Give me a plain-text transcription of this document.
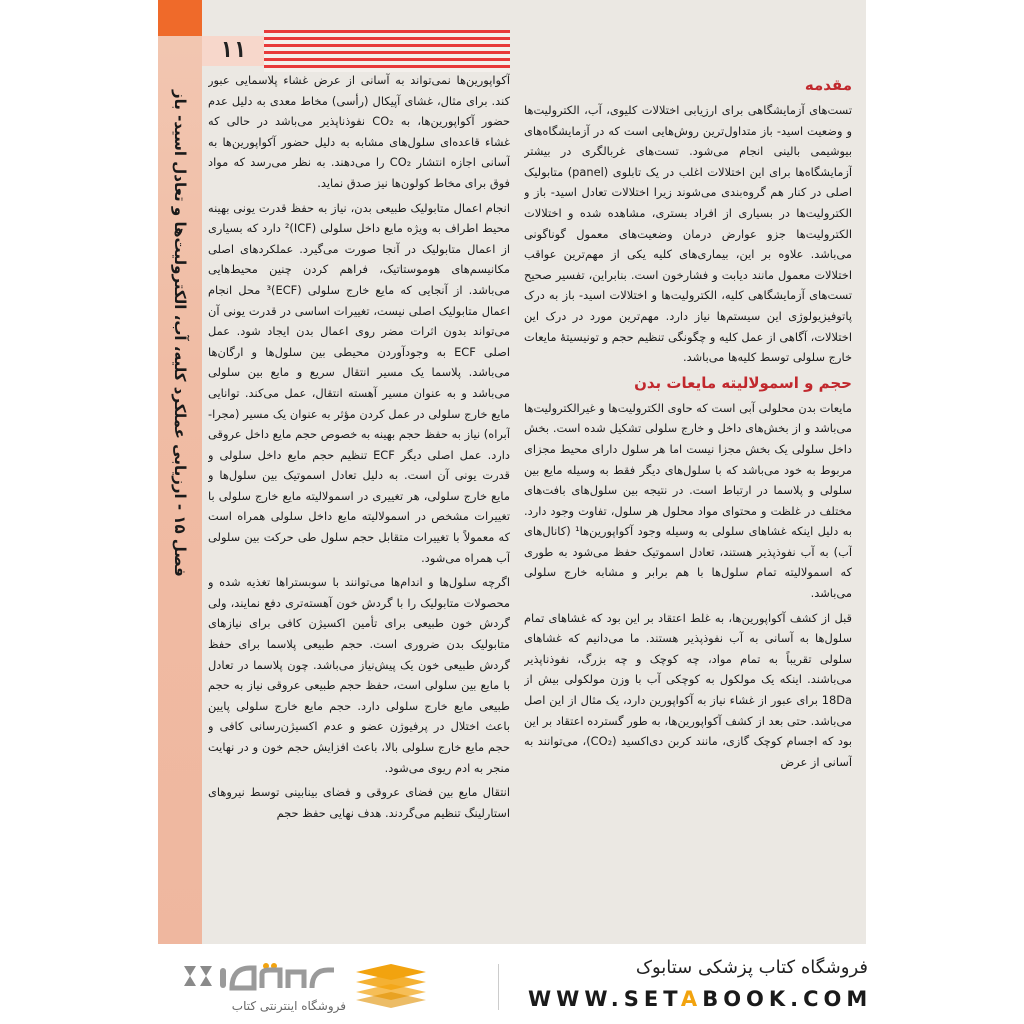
۱۱
فصل ۱۵ - ارزیابی عملکرد کلیه، آب، الکترولیت‌ها و تعادل اسید- باز

آکواپورین‌ها نمی‌تواند به آسانی از عرض غشاء پلاسمایی عبور کند. برای مثال، غشای آپیکال (رأسی) مخاط معدی به دلیل عدم حضور آکواپورین‌ها، به CO₂ نفوذناپذیر می‌باشد در حالی که غشاء قاعده‌ای سلول‌های مشابه به دلیل حضور آکواپورین‌ها به آسانی اجازه انتشار CO₂ را می‌دهند. به نظر می‌رسد که مواد فوق برای مخاط کولون‌ها نیز صدق نماید.

انجام اعمال متابولیک طبیعی بدن، نیاز به حفظ قدرت یونی بهینه محیط اطراف به ویژه مایع داخل سلولی (ICF)² دارد که بسیاری از اعمال متابولیک در آنجا صورت می‌گیرد. عملکردهای اصلی مکانیسم‌های هوموستاتیک، فراهم کردن چنین محیط‌هایی می‌باشد. از آنجایی که مایع خارج سلولی (ECF)³ محل انجام اعمال متابولیک اصلی نیست، تغییرات اساسی در قدرت یونی آن می‌تواند بدون اثرات مضر روی اعمال بدن ایجاد شود. عمل اصلی ECF به وجودآوردن محیطی بین سلول‌ها و ارگان‌ها می‌باشد. پلاسما یک مسیر انتقال سریع و مایع بین سلولی می‌باشد و به عنوان مسیر آهسته انتقال، عمل می‌کند. توانایی مایع خارج سلولی در عمل کردن مؤثر به عنوان یک مسیر (مجرا- آبراه) نیاز به حفظ حجم بهینه به خصوص حجم مایع داخل عروقی دارد. عمل اصلی دیگر ECF تنظیم حجم مایع داخل سلولی و قدرت یونی آن است. به دلیل تعادل اسموتیک بین سلول‌ها و مایع خارج سلولی، هر تغییری در اسمولالیته مایع خارج سلولی با تغییرات مشخص در اسمولالیته مایع داخل سلولی همراه است که معمولاً با تغییرات متقابل حجم سلول طی حرکت بین سلولی آب همراه می‌شود.

اگرچه سلول‌ها و اندام‌ها می‌توانند با سوبستراها تغذیه شده و محصولات متابولیک را با گردش خون آهسته‌تری دفع نمایند، ولی گردش خون طبیعی برای تأمین اکسیژن کافی برای نیازهای متابولیک بدن ضروری است. حجم طبیعی پلاسما برای حفظ گردش طبیعی خون یک پیش‌نیاز می‌باشد. چون پلاسما در تعادل با مایع بین سلولی است، حفظ حجم طبیعی عروقی نیاز به حجم طبیعی مایع خارج سلولی دارد. حجم مایع خارج سلولی پایین باعث اختلال در پرفیوژن عضو و عدم اکسیژن‌رسانی کافی و حجم مایع خارج سلولی بالا، باعث افزایش حجم خون و در نهایت منجر به ادم ریوی می‌شود.

انتقال مایع بین فضای عروقی و فضای بینابینی توسط نیروهای استارلینگ تنظیم می‌گردند. هدف نهایی حفظ حجم

مقدمه

تست‌های آزمایشگاهی برای ارزیابی اختلالات کلیوی، آب، الکترولیت‌ها و وضعیت اسید- باز متداول‌ترین روش‌هایی است که در آزمایشگاه‌های بیوشیمی بالینی انجام می‌شود. تست‌های غربالگری در بیشتر آزمایشگاه‌ها برای این اختلالات اغلب در یک تابلوی (panel) متابولیک اصلی در کنار هم گروه‌بندی می‌شوند زیرا اختلالات تعادل اسید- باز و الکترولیت‌ها در بسیاری از افراد بستری، مشاهده شده و اختلالات الکترولیت‌ها جزو عوارض درمان وضعیت‌های معمول گوناگونی می‌باشد. علاوه بر این، بیماری‌های کلیه یکی از مهم‌ترین عواقب اختلالات معمول مانند دیابت و فشارخون است. بنابراین، تفسیر صحیح تست‌های آزمایشگاهی کلیه، الکترولیت‌ها و اختلالات اسید- باز به درک پاتوفیزیولوژی این سیستم‌ها نیاز دارد. مهم‌ترین مورد در درک این اختلالات، آگاهی از عمل کلیه و چگونگی تنظیم حجم و تونیسیتهٔ مایعات خارج سلولی توسط کلیه‌ها می‌باشد.

حجم و اسمولالیته مایعات بدن

مایعات بدن محلولی آبی است که حاوی الکترولیت‌ها و غیرالکترولیت‌ها می‌باشد و از بخش‌های داخل و خارج سلولی تشکیل شده است. بخش داخل سلولی یک بخش مجزا نیست اما هر سلول دارای محیط مجزای مربوط به خود می‌باشد که با سلول‌های دیگر فقط به وسیله مایع بین سلولی و پلاسما در ارتباط است. در نتیجه بین سلول‌های بافت‌های مختلف در غلظت و محتوای مواد محلول هر سلول، تفاوت وجود دارد. به دلیل اینکه غشاهای سلولی به وسیله وجود آکواپورین‌ها¹ (کانال‌های آب) به آب نفوذپذیر هستند، تعادل اسموتیک حفظ می‌شود به طوری که اسمولالیته تمام سلول‌ها با هم برابر و مشابه خارج سلولی می‌باشد.

قبل از کشف آکواپورین‌ها، به غلط اعتقاد بر این بود که غشاهای تمام سلول‌ها به آسانی به آب نفوذپذیر هستند. ما می‌دانیم که غشاهای سلولی تقریباً به تمام مواد، چه کوچک و چه بزرگ، نفوذناپذیر می‌باشند. اینکه یک مولکول به کوچکی آب با وزن مولکولی بیش از 18Da برای عبور از غشاء نیاز به آکواپورین دارد، یک مثال از این اصل می‌باشد. حتی بعد از کشف آکواپورین‌ها، به طور گسترده اعتقاد بر این بود که اجسام کوچک گازی، مانند کربن دی‌اکسید (CO₂)، می‌توانند به آسانی از عرض

فروشگاه کتاب پزشکی ستابوک
WWW.SETABOOK.COM
فروشگاه اینترنتی کتاب
